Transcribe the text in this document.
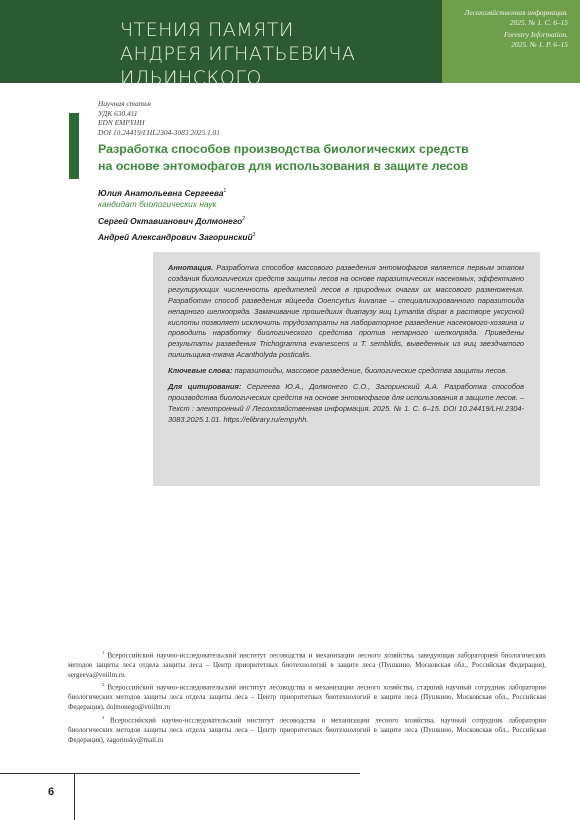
ЧТЕНИЯ ПАМЯТИ
АНДРЕЯ ИГНАТЬЕВИЧА ИЛЬИНСКОГО
Лесохозяйственная информация.
2025. № 1. С. 6–15
Forestry Information.
2025. № 1. P. 6–15
Научная статья
УДК 630.411
EDN EMPYHH
DOI 10.24419/LHI.2304-3083.2025.1.01
Разработка способов производства биологических средств на основе энтомофагов для использования в защите лесов
Юлия Анатольевна Сергеева$^1$
кандидат биологических наук
Сергей Октавианович Долмонего$^2$
Андрей Александрович Загоринский$^3$

Аннотация. Разработка способов массового разведения энтомофагов является первым этапом создания биологических средств защиты лесов на основе паразитических насекомых, эффективно регулирующих численность вредителей лесов в природных очагах их массового размножения. Разработан способ разведения яйцееда Ooencyrtus kuvanae – специализированного паразитоида непарного шелкопряда. Замачивание прошедших диапаузу яиц Lymantia dispar в растворе уксусной кислоты позволяет исключить трудозатраты на лабораторное разведение насекомого-хозяина и проводить наработку биологического средства против непарного шелкопряда. Приведены результаты разведения Trichogramma evanescens и T. semblidis, выведенных из яиц звездчатого пилильщика-ткача Acantholyda posticalis.

Ключевые слова: паразитоиды, массовое разведение, биологические средства защиты лесов.

Для цитирования: Сергеева Ю.А., Долмонего С.О., Загоринский А.А. Разработка способов производства биологических средств на основе энтомофагов для использования в защите лесов. – Текст : электронный // Лесохозяйственная информация. 2025. № 1. С. 6–15. DOI 10.24419/LHI.2304-3083.2025.1.01. https://elibrary.ru/empyhh.

$^1$ Всероссийский научно-исследовательский институт лесоводства и механизации лесного хозяйства, заведующая лабораторией биологических методов защиты леса отдела защиты леса – Центр приоритетных биотехнологий в защите леса (Пушкино, Московская обл., Российская Федерация), sergeeva@vniilm.ru

$^2$ Всероссийский научно-исследовательский институт лесоводства и механизации лесного хозяйства, старший научный сотрудник лаборатории биологических методов защиты леса отдела защиты леса – Центр приоритетных биотехнологий в защите леса (Пушкино, Московская обл., Российская Федерация), dolmonego@vniilm.ru

$^3$ Всероссийский научно-исследовательский институт лесоводства и механизации лесного хозяйства, научный сотрудник лаборатории биологических методов защиты леса отдела защиты леса – Центр приоритетных биотехнологий в защите леса (Пушкино, Московская обл., Российская Федерация), zagorinsky@mail.ru

6
